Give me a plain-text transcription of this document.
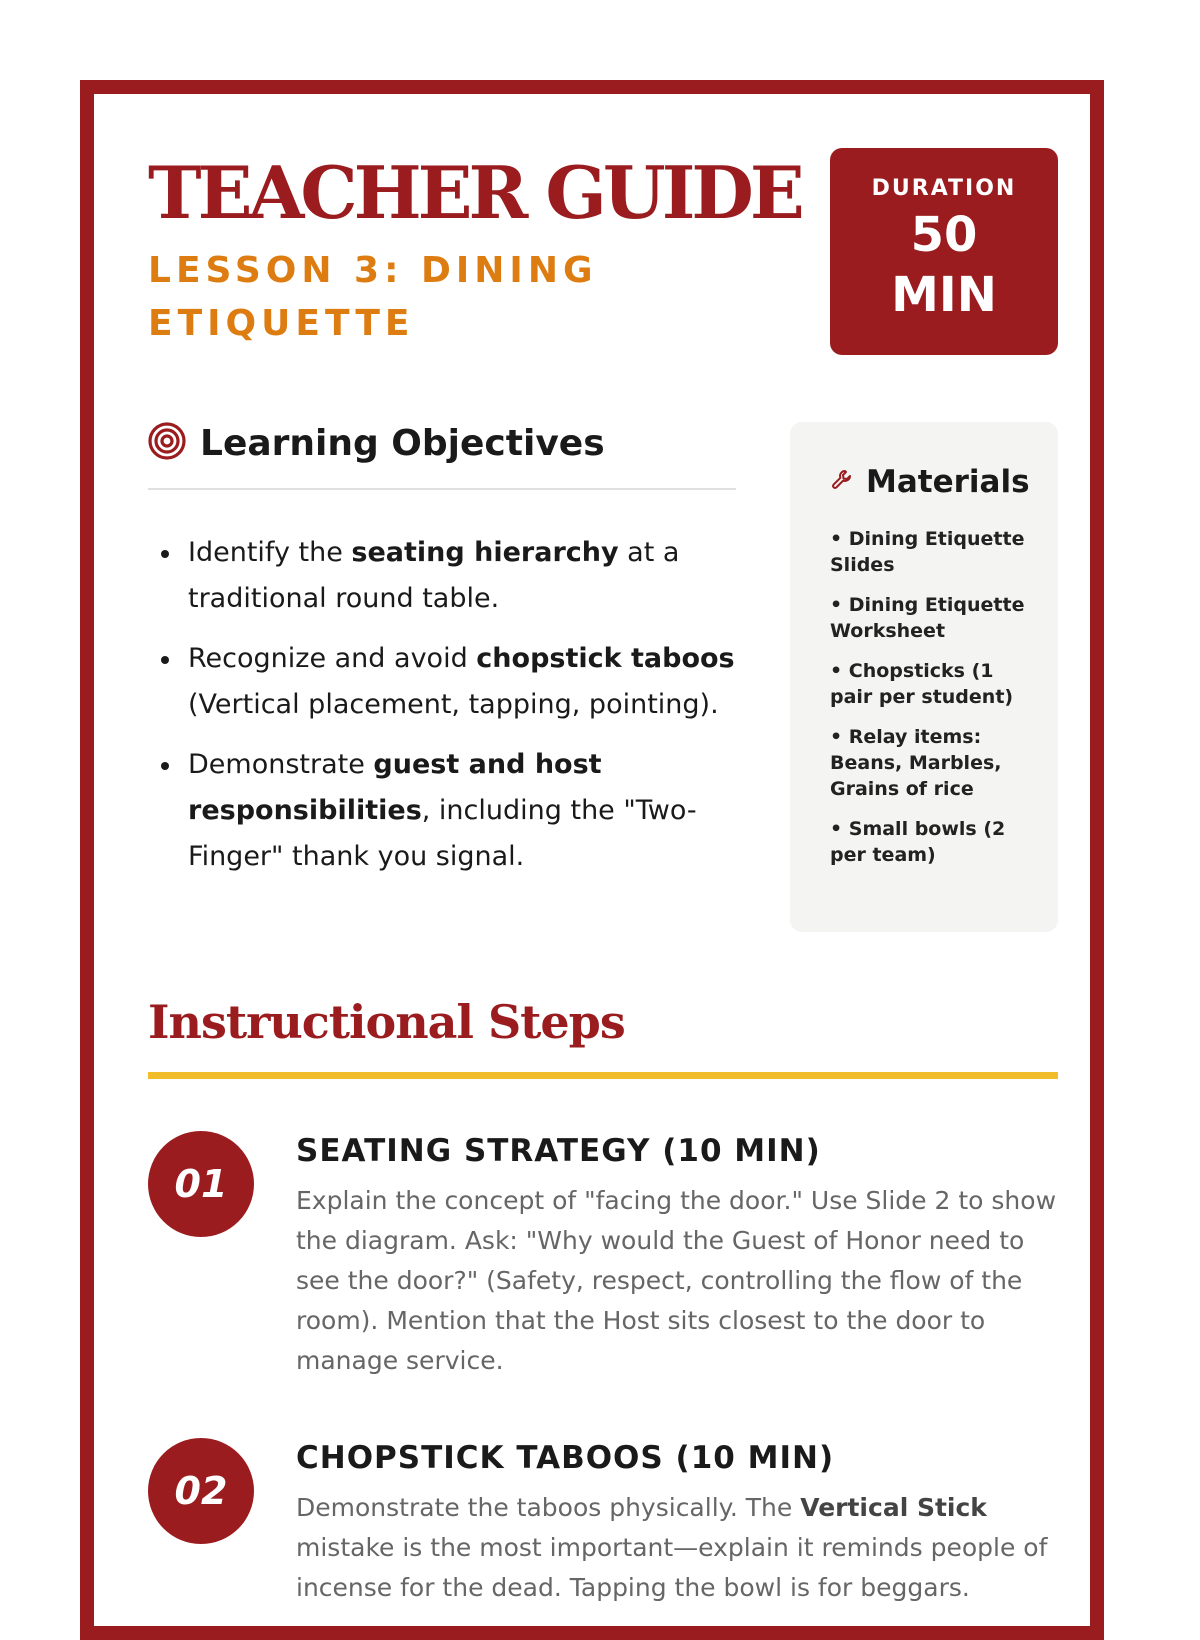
TEACHER GUIDE
LESSON 3: DINING ETIQUETTE
DURATION
50
MIN
Learning Objectives
Identify the seating hierarchy at a traditional round table.
Recognize and avoid chopstick taboos (Vertical placement, tapping, pointing).
Demonstrate guest and host responsibilities, including the "Two-Finger" thank you signal.
Materials
• Dining Etiquette Slides
• Dining Etiquette Worksheet
• Chopsticks (1 pair per student)
• Relay items: Beans, Marbles, Grains of rice
• Small bowls (2 per team)
Instructional Steps
01
SEATING STRATEGY (10 MIN)

Explain the concept of "facing the door." Use Slide 2 to show the diagram. Ask: "Why would the Guest of Honor need to see the door?" (Safety, respect, controlling the flow of the room). Mention that the Host sits closest to the door to manage service.

02
CHOPSTICK TABOOS (10 MIN)

Demonstrate the taboos physically. The Vertical Stick mistake is the most important—explain it reminds people of incense for the dead. Tapping the bowl is for beggars.
